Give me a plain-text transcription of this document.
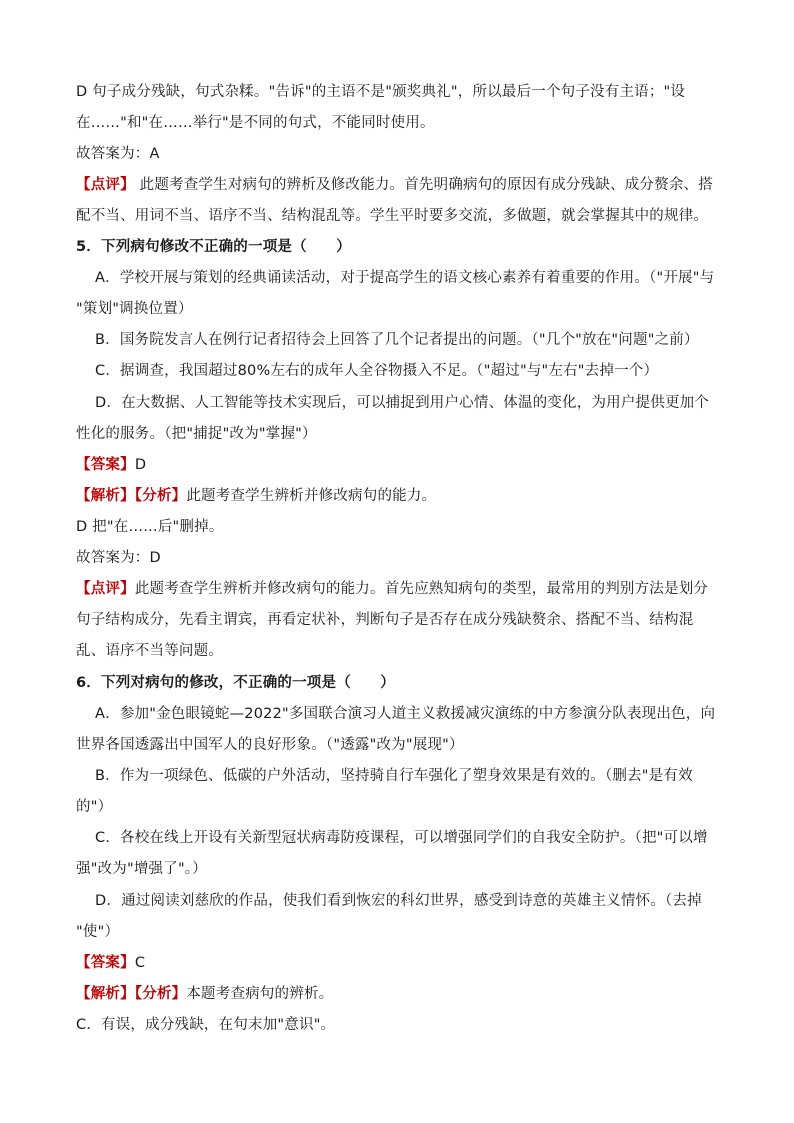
D 句子成分残缺，句式杂糅。"告诉"的主语不是"颁奖典礼"，所以最后一个句子没有主语；"设
在……"和"在……举行"是不同的句式，不能同时使用。
故答案为：A
【点评】 此题考查学生对病句的辨析及修改能力。首先明确病句的原因有成分残缺、成分赘余、搭
配不当、用词不当、语序不当、结构混乱等。学生平时要多交流，多做题，就会掌握其中的规律。
5．下列病句修改不正确的一项是（　　）
A．学校开展与策划的经典诵读活动，对于提高学生的语文核心素养有着重要的作用。（"开展"与
"策划"调换位置）
B．国务院发言人在例行记者招待会上回答了几个记者提出的问题。（"几个"放在"问题"之前）
C．据调查，我国超过80%左右的成年人全谷物摄入不足。（"超过"与"左右"去掉一个）
D．在大数据、人工智能等技术实现后，可以捕捉到用户心情、体温的变化，为用户提供更加个
性化的服务。（把"捕捉"改为"掌握"）
【答案】D
【解析】【分析】此题考查学生辨析并修改病句的能力。
D 把"在……后"删掉。
故答案为：D
【点评】此题考查学生辨析并修改病句的能力。首先应熟知病句的类型，最常用的判别方法是划分
句子结构成分，先看主谓宾，再看定状补，判断句子是否存在成分残缺赘余、搭配不当、结构混
乱、语序不当等问题。
6．下列对病句的修改，不正确的一项是（　　）
A．参加"金色眼镜蛇—2022"多国联合演习人道主义救援减灾演练的中方参演分队表现出色，向
世界各国透露出中国军人的良好形象。（"透露"改为"展现"）
B．作为一项绿色、低碳的户外活动，坚持骑自行车强化了塑身效果是有效的。（删去"是有效
的"）
C．各校在线上开设有关新型冠状病毒防疫课程，可以增强同学们的自我安全防护。（把"可以增
强"改为"增强了"。）
D．通过阅读刘慈欣的作品，使我们看到恢宏的科幻世界，感受到诗意的英雄主义情怀。（去掉
"使"）
【答案】C
【解析】【分析】本题考查病句的辨析。
C．有误，成分残缺，在句末加"意识"。
